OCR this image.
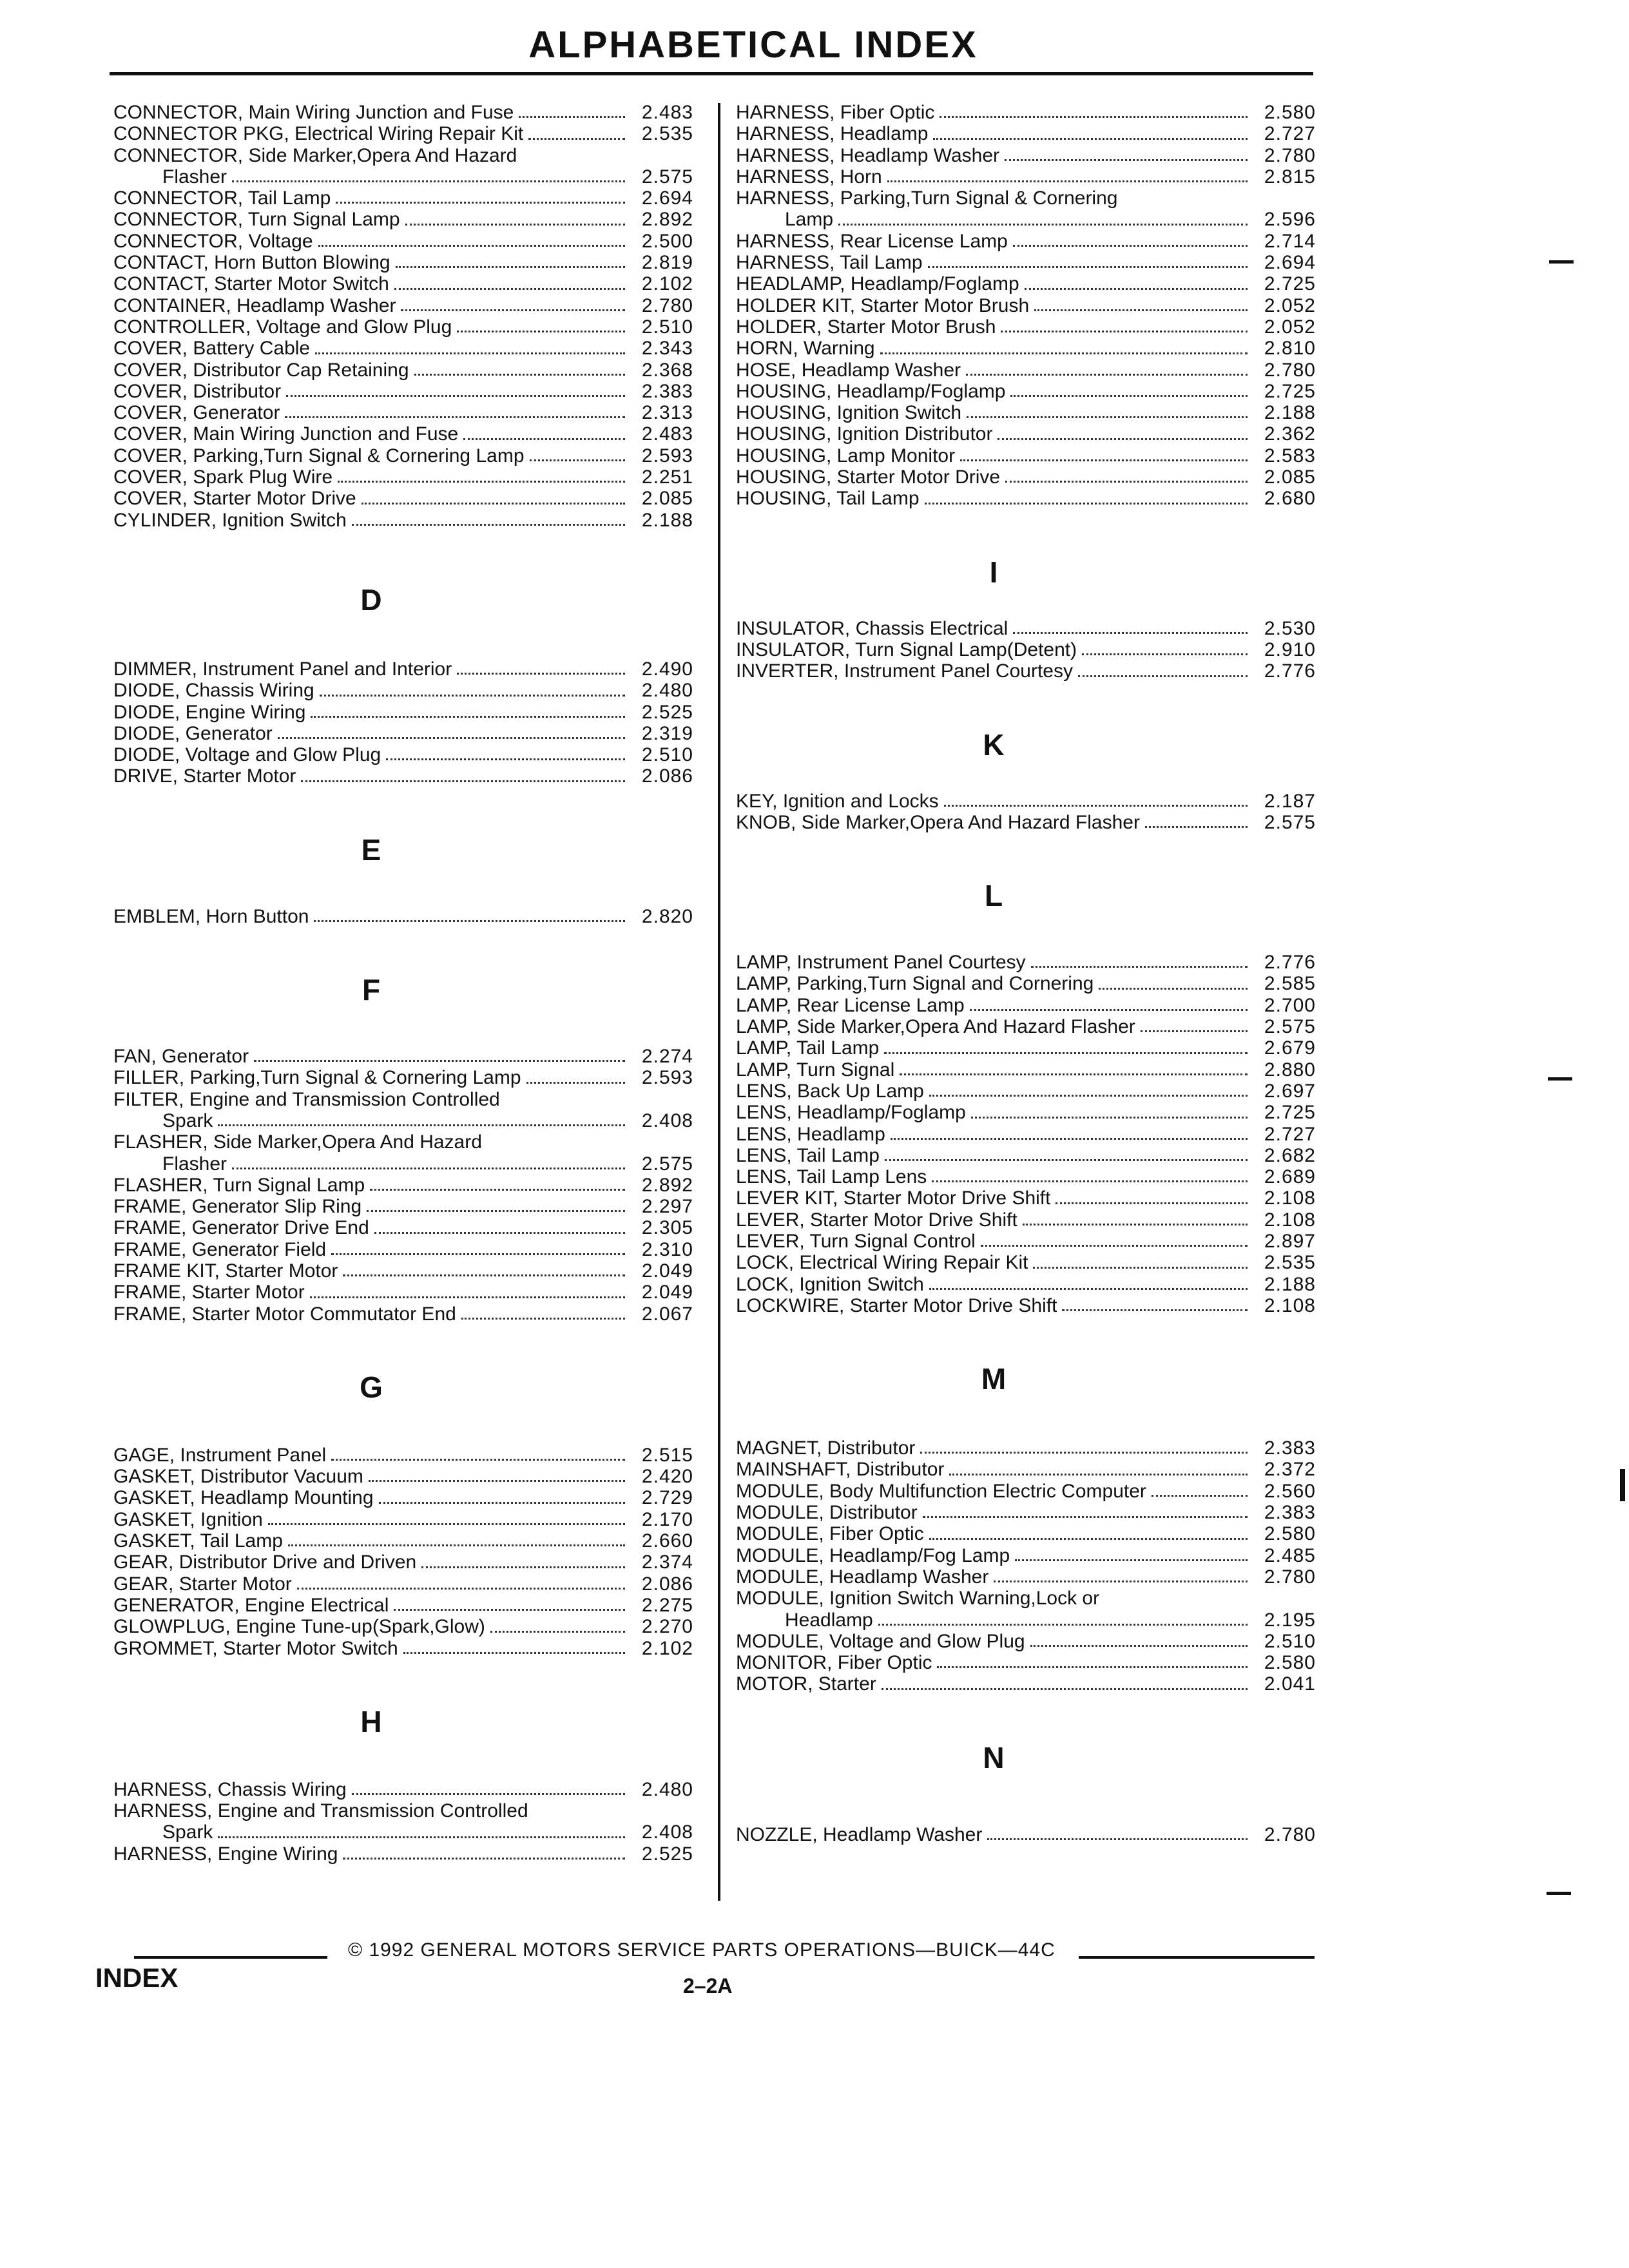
ALPHABETICAL INDEX
CONNECTOR, Main Wiring Junction and Fuse	2.483
CONNECTOR PKG, Electrical Wiring Repair Kit	2.535
CONNECTOR, Side Marker,Opera And Hazard
Flasher	2.575
CONNECTOR, Tail Lamp	2.694
CONNECTOR, Turn Signal Lamp	2.892
CONNECTOR, Voltage	2.500
CONTACT, Horn Button Blowing	2.819
CONTACT, Starter Motor Switch	2.102
CONTAINER, Headlamp Washer	2.780
CONTROLLER, Voltage and Glow Plug	2.510
COVER, Battery Cable	2.343
COVER, Distributor Cap Retaining	2.368
COVER, Distributor	2.383
COVER, Generator	2.313
COVER, Main Wiring Junction and Fuse	2.483
COVER, Parking,Turn Signal & Cornering Lamp	2.593
COVER, Spark Plug Wire	2.251
COVER, Starter Motor Drive	2.085
CYLINDER, Ignition Switch	2.188
D
DIMMER, Instrument Panel and Interior	2.490
DIODE, Chassis Wiring	2.480
DIODE, Engine Wiring	2.525
DIODE, Generator	2.319
DIODE, Voltage and Glow Plug	2.510
DRIVE, Starter Motor	2.086
E
EMBLEM, Horn Button	2.820
F
FAN, Generator	2.274
FILLER, Parking,Turn Signal & Cornering Lamp	2.593
FILTER, Engine and Transmission Controlled
Spark	2.408
FLASHER, Side Marker,Opera And Hazard
Flasher	2.575
FLASHER, Turn Signal Lamp	2.892
FRAME, Generator Slip Ring	2.297
FRAME, Generator Drive End	2.305
FRAME, Generator Field	2.310
FRAME KIT, Starter Motor	2.049
FRAME, Starter Motor	2.049
FRAME, Starter Motor Commutator End	2.067
G
GAGE, Instrument Panel	2.515
GASKET, Distributor Vacuum	2.420
GASKET, Headlamp Mounting	2.729
GASKET, Ignition	2.170
GASKET, Tail Lamp	2.660
GEAR, Distributor Drive and Driven	2.374
GEAR, Starter Motor	2.086
GENERATOR, Engine Electrical	2.275
GLOWPLUG, Engine Tune-up(Spark,Glow)	2.270
GROMMET, Starter Motor Switch	2.102
H
HARNESS, Chassis Wiring	2.480
HARNESS, Engine and Transmission Controlled
Spark	2.408
HARNESS, Engine Wiring	2.525
HARNESS, Fiber Optic	2.580
HARNESS, Headlamp	2.727
HARNESS, Headlamp Washer	2.780
HARNESS, Horn	2.815
HARNESS, Parking,Turn Signal & Cornering
Lamp	2.596
HARNESS, Rear License Lamp	2.714
HARNESS, Tail Lamp	2.694
HEADLAMP, Headlamp/Foglamp	2.725
HOLDER KIT, Starter Motor Brush	2.052
HOLDER, Starter Motor Brush	2.052
HORN, Warning	2.810
HOSE, Headlamp Washer	2.780
HOUSING, Headlamp/Foglamp	2.725
HOUSING, Ignition Switch	2.188
HOUSING, Ignition Distributor	2.362
HOUSING, Lamp Monitor	2.583
HOUSING, Starter Motor Drive	2.085
HOUSING, Tail Lamp	2.680
I
INSULATOR, Chassis Electrical	2.530
INSULATOR, Turn Signal Lamp(Detent)	2.910
INVERTER, Instrument Panel Courtesy	2.776
K
KEY, Ignition and Locks	2.187
KNOB, Side Marker,Opera And Hazard Flasher	2.575
L
LAMP, Instrument Panel Courtesy	2.776
LAMP, Parking,Turn Signal and Cornering	2.585
LAMP, Rear License Lamp	2.700
LAMP, Side Marker,Opera And Hazard Flasher	2.575
LAMP, Tail Lamp	2.679
LAMP, Turn Signal	2.880
LENS, Back Up Lamp	2.697
LENS, Headlamp/Foglamp	2.725
LENS, Headlamp	2.727
LENS, Tail Lamp	2.682
LENS, Tail Lamp Lens	2.689
LEVER KIT, Starter Motor Drive Shift	2.108
LEVER, Starter Motor Drive Shift	2.108
LEVER, Turn Signal Control	2.897
LOCK, Electrical Wiring Repair Kit	2.535
LOCK, Ignition Switch	2.188
LOCKWIRE, Starter Motor Drive Shift	2.108
M
MAGNET, Distributor	2.383
MAINSHAFT, Distributor	2.372
MODULE, Body Multifunction Electric Computer	2.560
MODULE, Distributor	2.383
MODULE, Fiber Optic	2.580
MODULE, Headlamp/Fog Lamp	2.485
MODULE, Headlamp Washer	2.780
MODULE, Ignition Switch Warning,Lock or
Headlamp	2.195
MODULE, Voltage and Glow Plug	2.510
MONITOR, Fiber Optic	2.580
MOTOR, Starter	2.041
N
NOZZLE, Headlamp Washer	2.780
© 1992 GENERAL MOTORS SERVICE PARTS OPERATIONS—BUICK—44C
INDEX	2–2A
